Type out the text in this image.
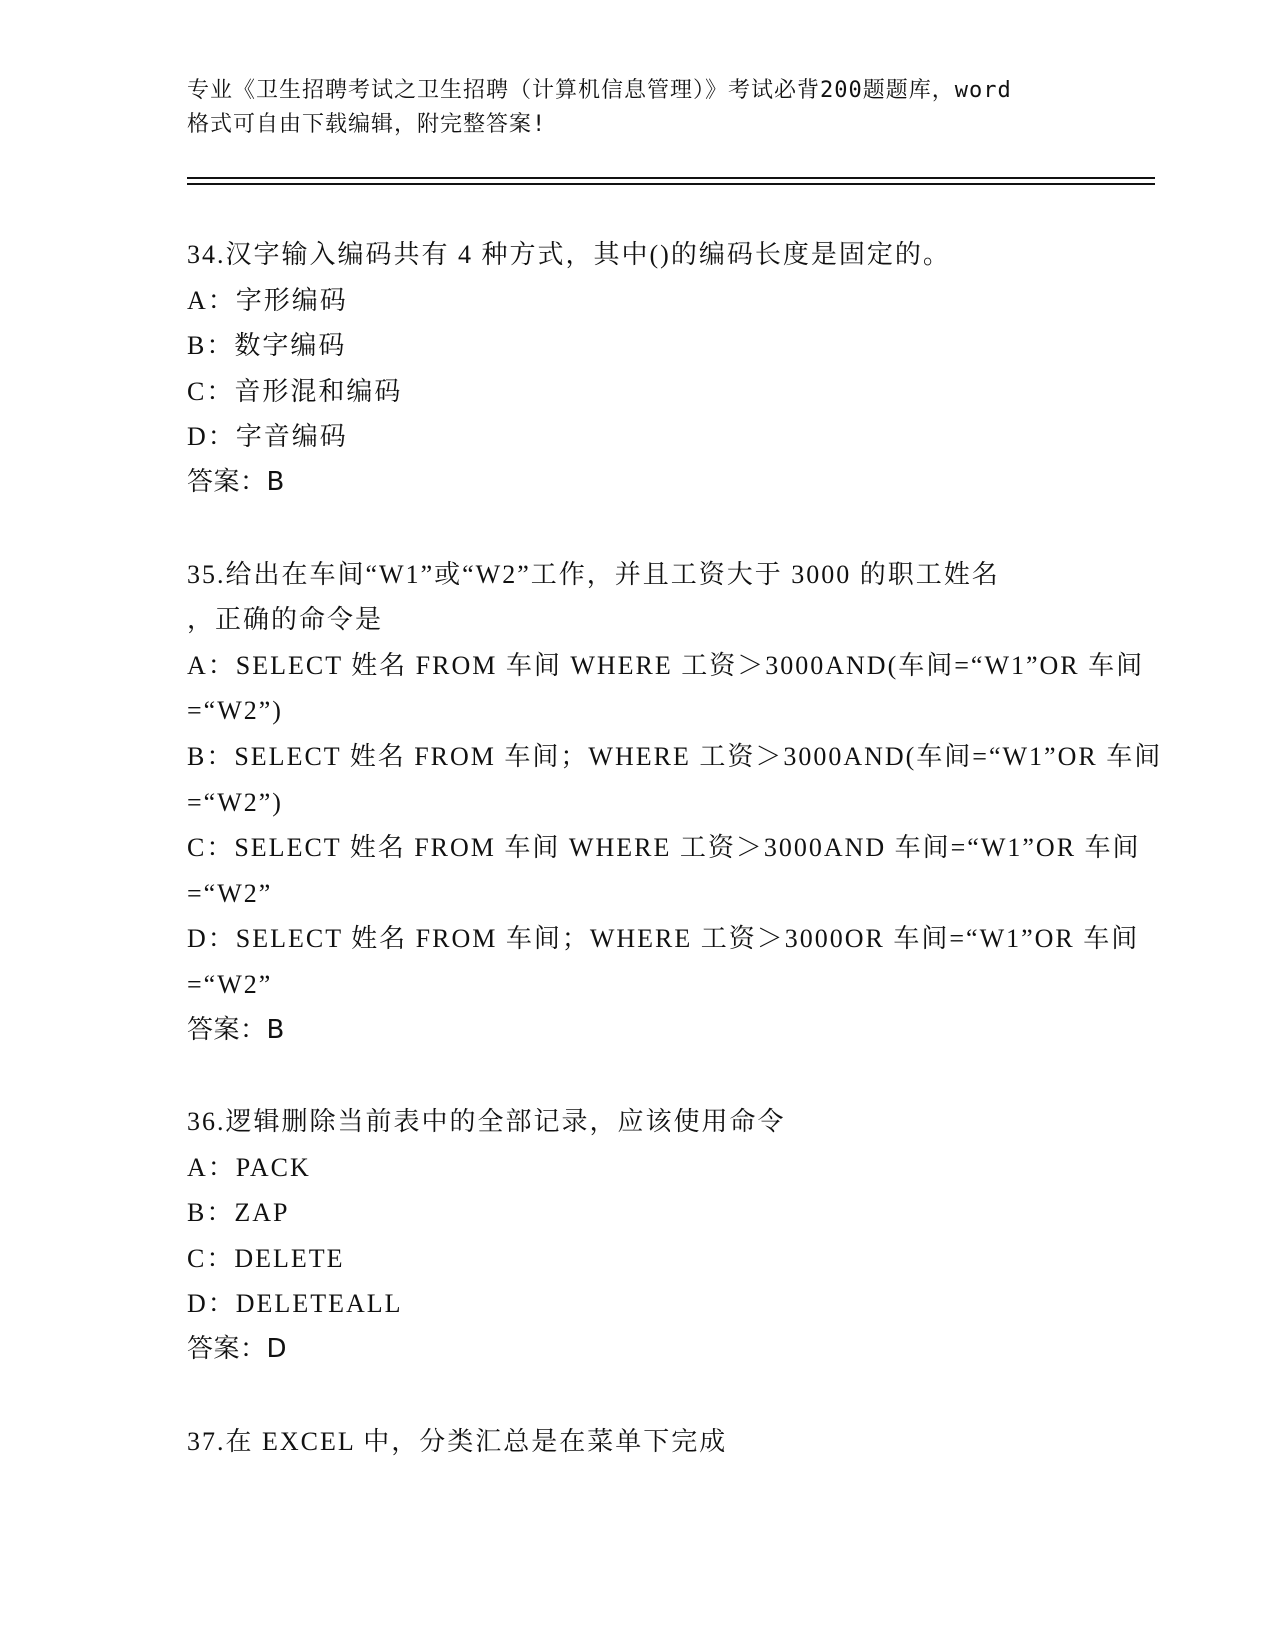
专业《卫生招聘考试之卫生招聘（计算机信息管理）》考试必背200题题库，word
格式可自由下载编辑，附完整答案!
34.汉字输入编码共有 4 种方式，其中()的编码长度是固定的。
A：字形编码
B：数字编码
C：音形混和编码
D：字音编码
答案：B
35.给出在车间“W1”或“W2”工作，并且工资大于 3000 的职工姓名
，正确的命令是
A：SELECT 姓名 FROM 车间 WHERE 工资＞3000AND(车间=“W1”OR 车间
=“W2”)
B：SELECT 姓名 FROM 车间；WHERE 工资＞3000AND(车间=“W1”OR 车间
=“W2”)
C：SELECT 姓名 FROM 车间 WHERE 工资＞3000AND 车间=“W1”OR 车间
=“W2”
D：SELECT 姓名 FROM 车间；WHERE 工资＞3000OR 车间=“W1”OR 车间
=“W2”
答案：B
36.逻辑删除当前表中的全部记录，应该使用命令
A：PACK
B：ZAP
C：DELETE
D：DELETEALL
答案：D
37.在 EXCEL 中，分类汇总是在菜单下完成
